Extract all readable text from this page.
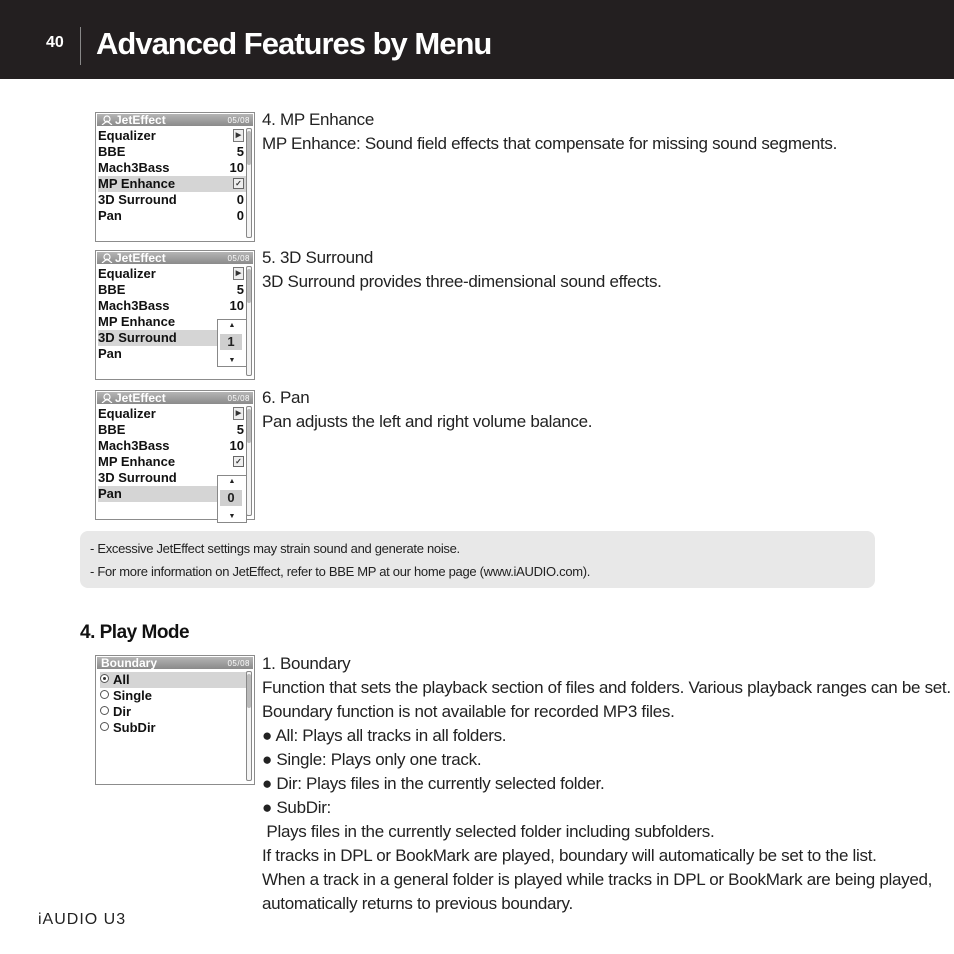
40 Advanced Features by Menu
JetEffect	05/08
Equalizer	▶
BBE	5
Mach3Bass	10
MP Enhance	✓
3D Surround	0
Pan	0
4. MP Enhance
MP Enhance: Sound field effects that compensate for missing sound segments.
JetEffect	05/08
Equalizer	▶
BBE	5
Mach3Bass	10
MP Enhance
3D Surround
Pan
▲
1
▼
5. 3D Surround
3D Surround provides three-dimensional sound effects.
JetEffect	05/08
Equalizer	▶
BBE	5
Mach3Bass	10
MP Enhance	✓
3D Surround
Pan
▲
0
▼
6. Pan
Pan adjusts the left and right volume balance.
- Excessive JetEffect settings may strain sound and generate noise.
- For more information on JetEffect, refer to BBE MP at our home page (www.iAUDIO.com).
4. Play Mode
Boundary	05/08
All
Single
Dir
SubDir
1. Boundary
Function that sets the playback section of files and folders. Various playback ranges can be set.
Boundary function is not available for recorded MP3 files.
● All: Plays all tracks in all folders.
● Single: Plays only one track.
● Dir: Plays files in the currently selected folder.
● SubDir:
Plays files in the currently selected folder including subfolders.
If tracks in DPL or BookMark are played, boundary will automatically be set to the list.
When a track in a general folder is played while tracks in DPL or BookMark are being played,
automatically returns to previous boundary.
iAUDIO U3
